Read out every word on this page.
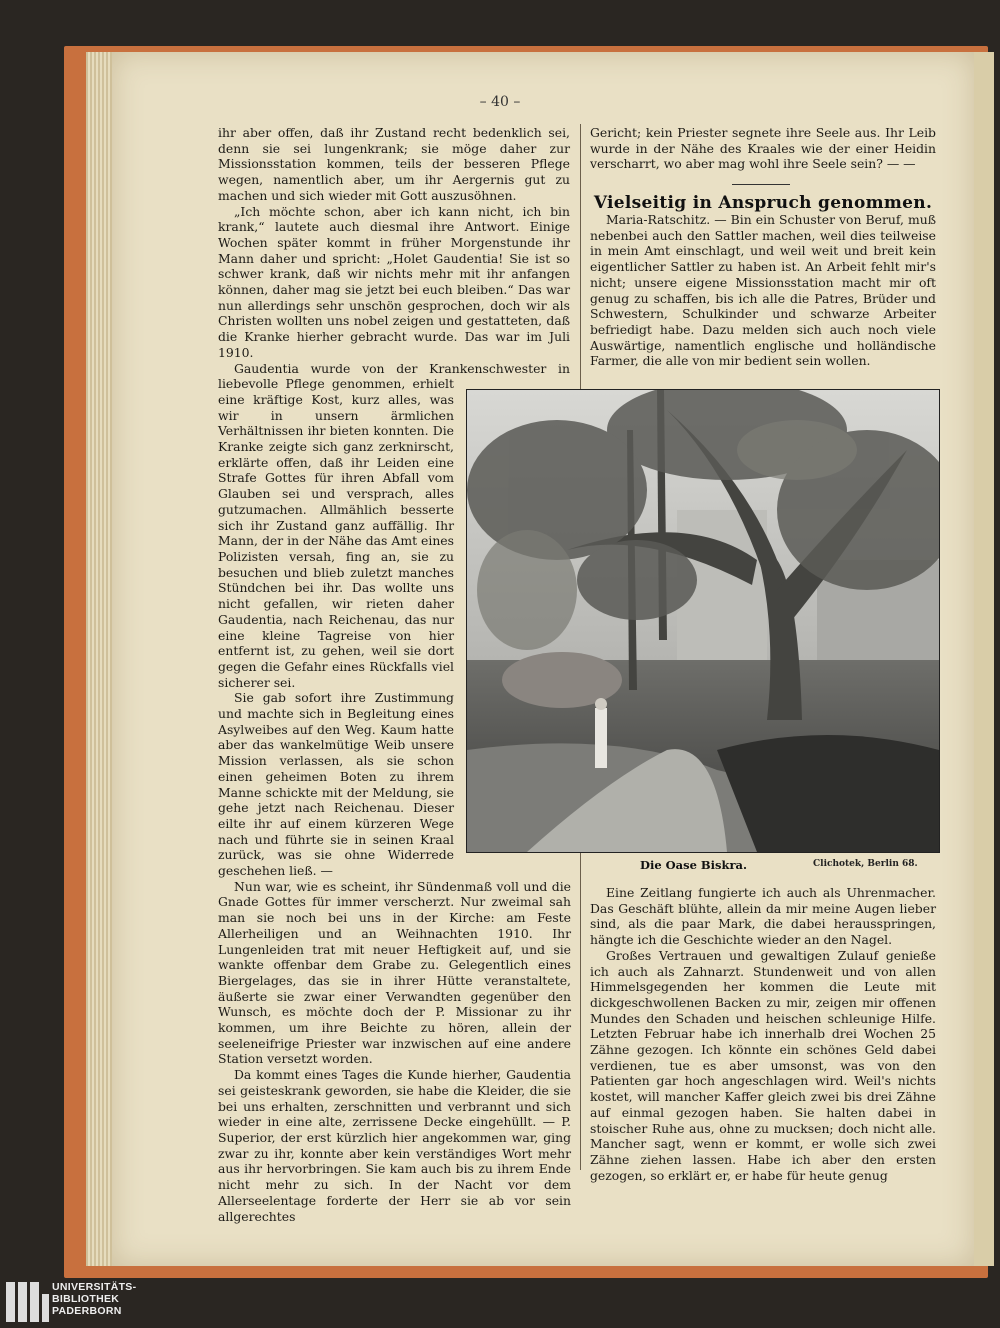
– 40 –

ihr aber offen, daß ihr Zustand recht bedenklich sei, denn sie sei lungenkrank; sie möge daher zur Missionsstation kommen, teils der besseren Pflege wegen, namentlich aber, um ihr Aergernis gut zu machen und sich wieder mit Gott auszusöhnen.

„Ich möchte schon, aber ich kann nicht, ich bin krank,“ lautete auch diesmal ihre Antwort. Einige Wochen später kommt in früher Morgenstunde ihr Mann daher und spricht: „Holet Gaudentia! Sie ist so schwer krank, daß wir nichts mehr mit ihr anfangen können, daher mag sie jetzt bei euch bleiben.“ Das war nun allerdings sehr unschön gesprochen, doch wir als Christen wollten uns nobel zeigen und gestatteten, daß die Kranke hierher gebracht wurde. Das war im Juli 1910.

Gaudentia wurde von der Krankenschwester in liebevolle Pflege genommen, erhielt eine kräftige Kost, kurz alles, was wir in unsern ärmlichen Verhältnissen ihr bieten konnten. Die Kranke zeigte sich ganz zerknirscht, erklärte offen, daß ihr Leiden eine Strafe Gottes für ihren Abfall vom Glauben sei und versprach, alles gutzumachen. Allmählich besserte sich ihr Zustand ganz auffällig. Ihr Mann, der in der Nähe das Amt eines Polizisten versah, fing an, sie zu besuchen und blieb zuletzt manches Stündchen bei ihr. Das wollte uns nicht gefallen, wir rieten daher Gaudentia, nach Reichenau, das nur eine kleine Tagreise von hier entfernt ist, zu gehen, weil sie dort gegen die Gefahr eines Rückfalls viel sicherer sei.

Sie gab sofort ihre Zustimmung und machte sich in Begleitung eines Asylweibes auf den Weg. Kaum hatte aber das wankelmütige Weib unsere Mission verlassen, als sie schon einen geheimen Boten zu ihrem Manne schickte mit der Meldung, sie gehe jetzt nach Reichenau. Dieser eilte ihr auf einem kürzeren Wege nach und führte sie in seinen Kraal zurück, was sie ohne Widerrede geschehen ließ. —

Nun war, wie es scheint, ihr Sündenmaß voll und die Gnade Gottes für immer verscherzt. Nur zweimal sah man sie noch bei uns in der Kirche: am Feste Allerheiligen und an Weihnachten 1910. Ihr Lungenleiden trat mit neuer Heftigkeit auf, und sie wankte offenbar dem Grabe zu. Gelegentlich eines Biergelages, das sie in ihrer Hütte veranstaltete, äußerte sie zwar einer Verwandten gegenüber den Wunsch, es möchte doch der P. Missionar zu ihr kommen, um ihre Beichte zu hören, allein der seeleneifrige Priester war inzwischen auf eine andere Station versetzt worden.

Da kommt eines Tages die Kunde hierher, Gaudentia sei geisteskrank geworden, sie habe die Kleider, die sie bei uns erhalten, zerschnitten und verbrannt und sich wieder in eine alte, zerrissene Decke eingehüllt. — P. Superior, der erst kürzlich hier angekommen war, ging zwar zu ihr, konnte aber kein verständiges Wort mehr aus ihr hervorbringen. Sie kam auch bis zu ihrem Ende nicht mehr zu sich. In der Nacht vor dem Allerseelentage forderte der Herr sie ab vor sein allgerechtes

Gericht; kein Priester segnete ihre Seele aus. Ihr Leib wurde in der Nähe des Kraales wie der einer Heidin verscharrt, wo aber mag wohl ihre Seele sein? — —

Vielseitig in Anspruch genommen.

Maria-Ratschitz. — Bin ein Schuster von Beruf, muß nebenbei auch den Sattler machen, weil dies teilweise in mein Amt einschlagt, und weil weit und breit kein eigentlicher Sattler zu haben ist. An Arbeit fehlt mir's nicht; unsere eigene Missionsstation macht mir oft genug zu schaffen, bis ich alle die Patres, Brüder und Schwestern, Schulkinder und schwarze Arbeiter befriedigt habe. Dazu melden sich auch noch viele Auswärtige, namentlich englische und holländische Farmer, die alle von mir bedient sein wollen.

Die Oase Biskra.	Clichotek, Berlin 68.

Eine Zeitlang fungierte ich auch als Uhrenmacher. Das Geschäft blühte, allein da mir meine Augen lieber sind, als die paar Mark, die dabei herausspringen, hängte ich die Geschichte wieder an den Nagel.

Großes Vertrauen und gewaltigen Zulauf genieße ich auch als Zahnarzt. Stundenweit und von allen Himmelsgegenden her kommen die Leute mit dickgeschwollenen Backen zu mir, zeigen mir offenen Mundes den Schaden und heischen schleunige Hilfe. Letzten Februar habe ich innerhalb drei Wochen 25 Zähne gezogen. Ich könnte ein schönes Geld dabei verdienen, tue es aber umsonst, was von den Patienten gar hoch angeschlagen wird. Weil's nichts kostet, will mancher Kaffer gleich zwei bis drei Zähne auf einmal gezogen haben. Sie halten dabei in stoischer Ruhe aus, ohne zu mucksen; doch nicht alle. Mancher sagt, wenn er kommt, er wolle sich zwei Zähne ziehen lassen. Habe ich aber den ersten gezogen, so erklärt er, er habe für heute genug

UNIVERSITÄTS-
BIBLIOTHEK
PADERBORN
